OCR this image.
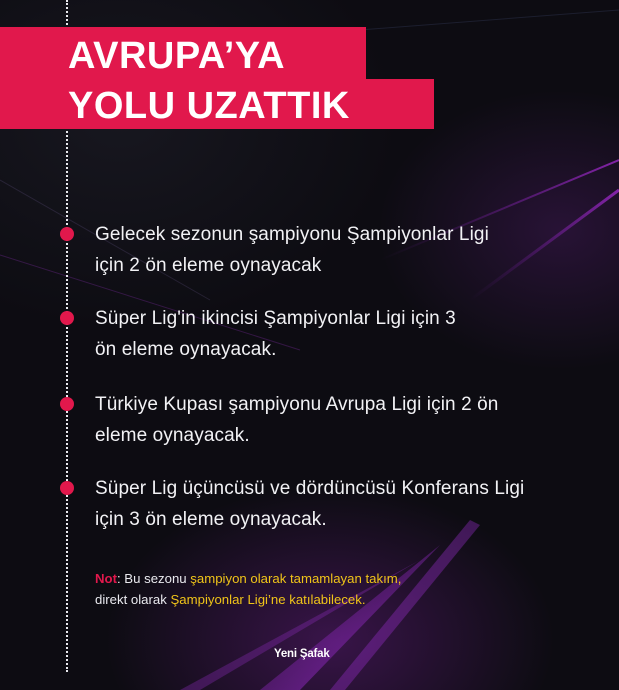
AVRUPA’YA
YOLU UZATTIK
Gelecek sezonun şampiyonu Şampiyonlar Ligi
için 2 ön eleme oynayacak
Süper Lig'in ikincisi Şampiyonlar Ligi için 3
ön eleme oynayacak.
Türkiye Kupası şampiyonu Avrupa Ligi için 2 ön
eleme oynayacak.
Süper Lig üçüncüsü ve dördüncüsü Konferans Ligi
için 3 ön eleme oynayacak.
Not: Bu sezonu şampiyon olarak tamamlayan takım,
direkt olarak Şampiyonlar Ligi’ne katılabilecek.
Yeni Şafak
